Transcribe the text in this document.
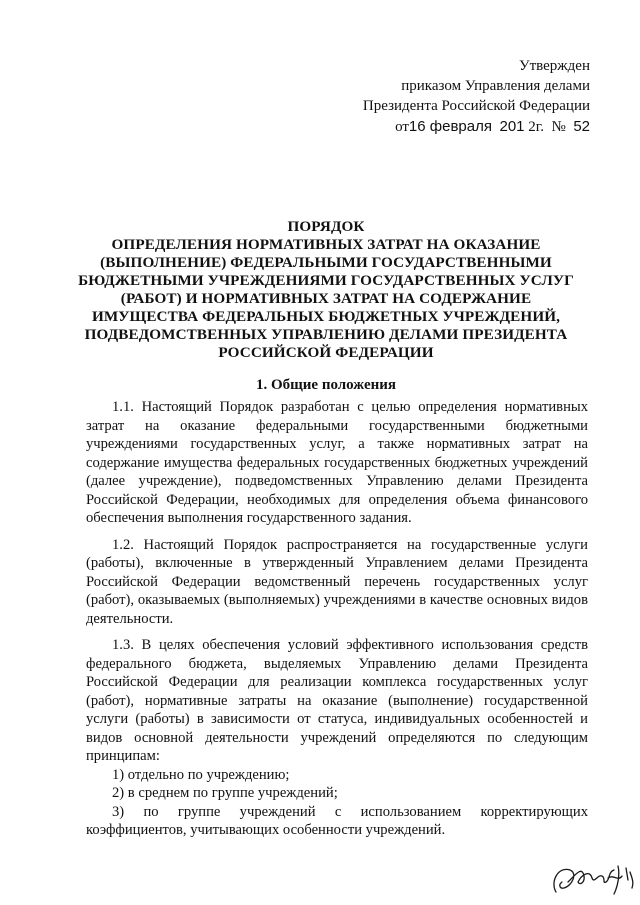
Утвержден
приказом Управления делами
Президента Российской Федерации
от16 февраля 201 2г. № 52
ПОРЯДОК
ОПРЕДЕЛЕНИЯ НОРМАТИВНЫХ ЗАТРАТ НА ОКАЗАНИЕ
(ВЫПОЛНЕНИЕ) ФЕДЕРАЛЬНЫМИ ГОСУДАРСТВЕННЫМИ
БЮДЖЕТНЫМИ УЧРЕЖДЕНИЯМИ ГОСУДАРСТВЕННЫХ УСЛУГ
(РАБОТ) И НОРМАТИВНЫХ ЗАТРАТ НА СОДЕРЖАНИЕ
ИМУЩЕСТВА ФЕДЕРАЛЬНЫХ БЮДЖЕТНЫХ УЧРЕЖДЕНИЙ,
ПОДВЕДОМСТВЕННЫХ УПРАВЛЕНИЮ ДЕЛАМИ ПРЕЗИДЕНТА
РОССИЙСКОЙ ФЕДЕРАЦИИ
1. Общие положения

1.1. Настоящий Порядок разработан с целью определения нормативных затрат на оказание федеральными государственными бюджетными учреждениями государственных услуг, а также нормативных затрат на содержание имущества федеральных государственных бюджетных учреждений (далее учреждение), подведомственных Управлению делами Президента Российской Федерации, необходимых для определения объема финансового обеспечения выполнения государственного задания.

1.2. Настоящий Порядок распространяется на государственные услуги (работы), включенные в утвержденный Управлением делами Президента Российской Федерации ведомственный перечень государственных услуг (работ), оказываемых (выполняемых) учреждениями в качестве основных видов деятельности.

1.3. В целях обеспечения условий эффективного использования средств федерального бюджета, выделяемых Управлению делами Президента Российской Федерации для реализации комплекса государственных услуг (работ), нормативные затраты на оказание (выполнение) государственной услуги (работы) в зависимости от статуса, индивидуальных особенностей и видов основной деятельности учреждений определяются по следующим принципам:

1) отдельно по учреждению;
2) в среднем по группе учреждений;
3) по группе учреждений с использованием корректирующих коэффициентов, учитывающих особенности учреждений.
